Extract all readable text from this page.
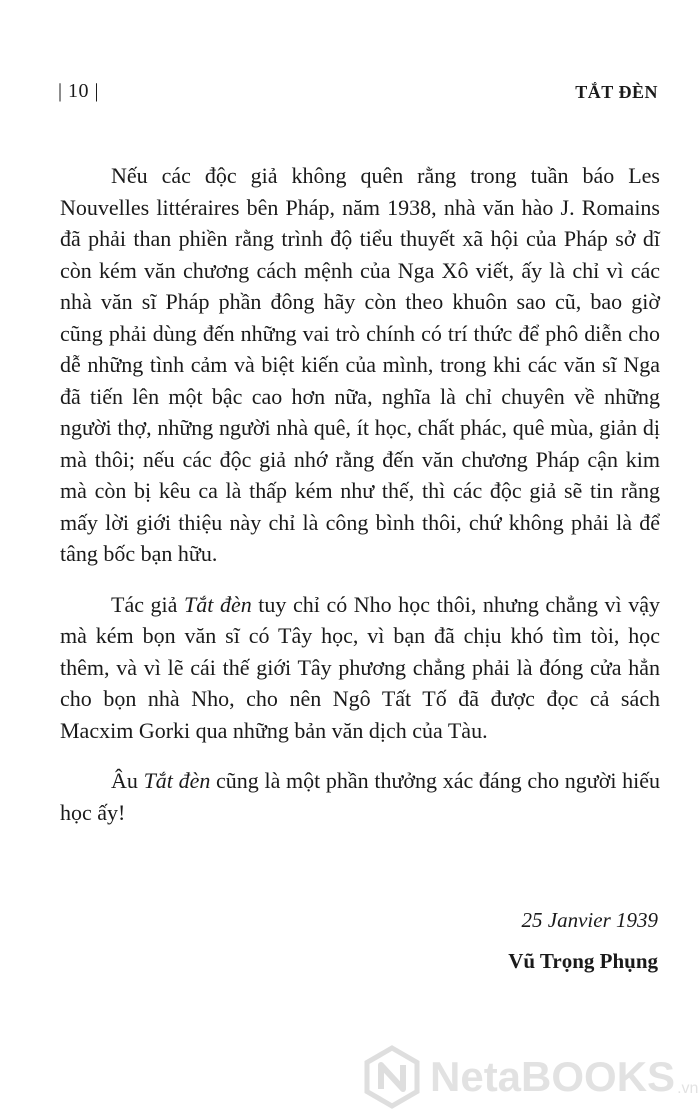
| 10 |	TẮT ĐÈN

Nếu các độc giả không quên rằng trong tuần báo Les Nouvelles littéraires bên Pháp, năm 1938, nhà văn hào J. Romains đã phải than phiền rằng trình độ tiểu thuyết xã hội của Pháp sở dĩ còn kém văn chương cách mệnh của Nga Xô viết, ấy là chỉ vì các nhà văn sĩ Pháp phần đông hãy còn theo khuôn sao cũ, bao giờ cũng phải dùng đến những vai trò chính có trí thức để phô diễn cho dễ những tình cảm và biệt kiến của mình, trong khi các văn sĩ Nga đã tiến lên một bậc cao hơn nữa, nghĩa là chỉ chuyên về những người thợ, những người nhà quê, ít học, chất phác, quê mùa, giản dị mà thôi; nếu các độc giả nhớ rằng đến văn chương Pháp cận kim mà còn bị kêu ca là thấp kém như thế, thì các độc giả sẽ tin rằng mấy lời giới thiệu này chỉ là công bình thôi, chứ không phải là để tâng bốc bạn hữu.

Tác giả Tắt đèn tuy chỉ có Nho học thôi, nhưng chẳng vì vậy mà kém bọn văn sĩ có Tây học, vì bạn đã chịu khó tìm tòi, học thêm, và vì lẽ cái thế giới Tây phương chẳng phải là đóng cửa hẳn cho bọn nhà Nho, cho nên Ngô Tất Tố đã được đọc cả sách Macxim Gorki qua những bản văn dịch của Tàu.

Âu Tắt đèn cũng là một phần thưởng xác đáng cho người hiếu học ấy!

25 Janvier 1939
Vũ Trọng Phụng
NetaBOOKS .vn
